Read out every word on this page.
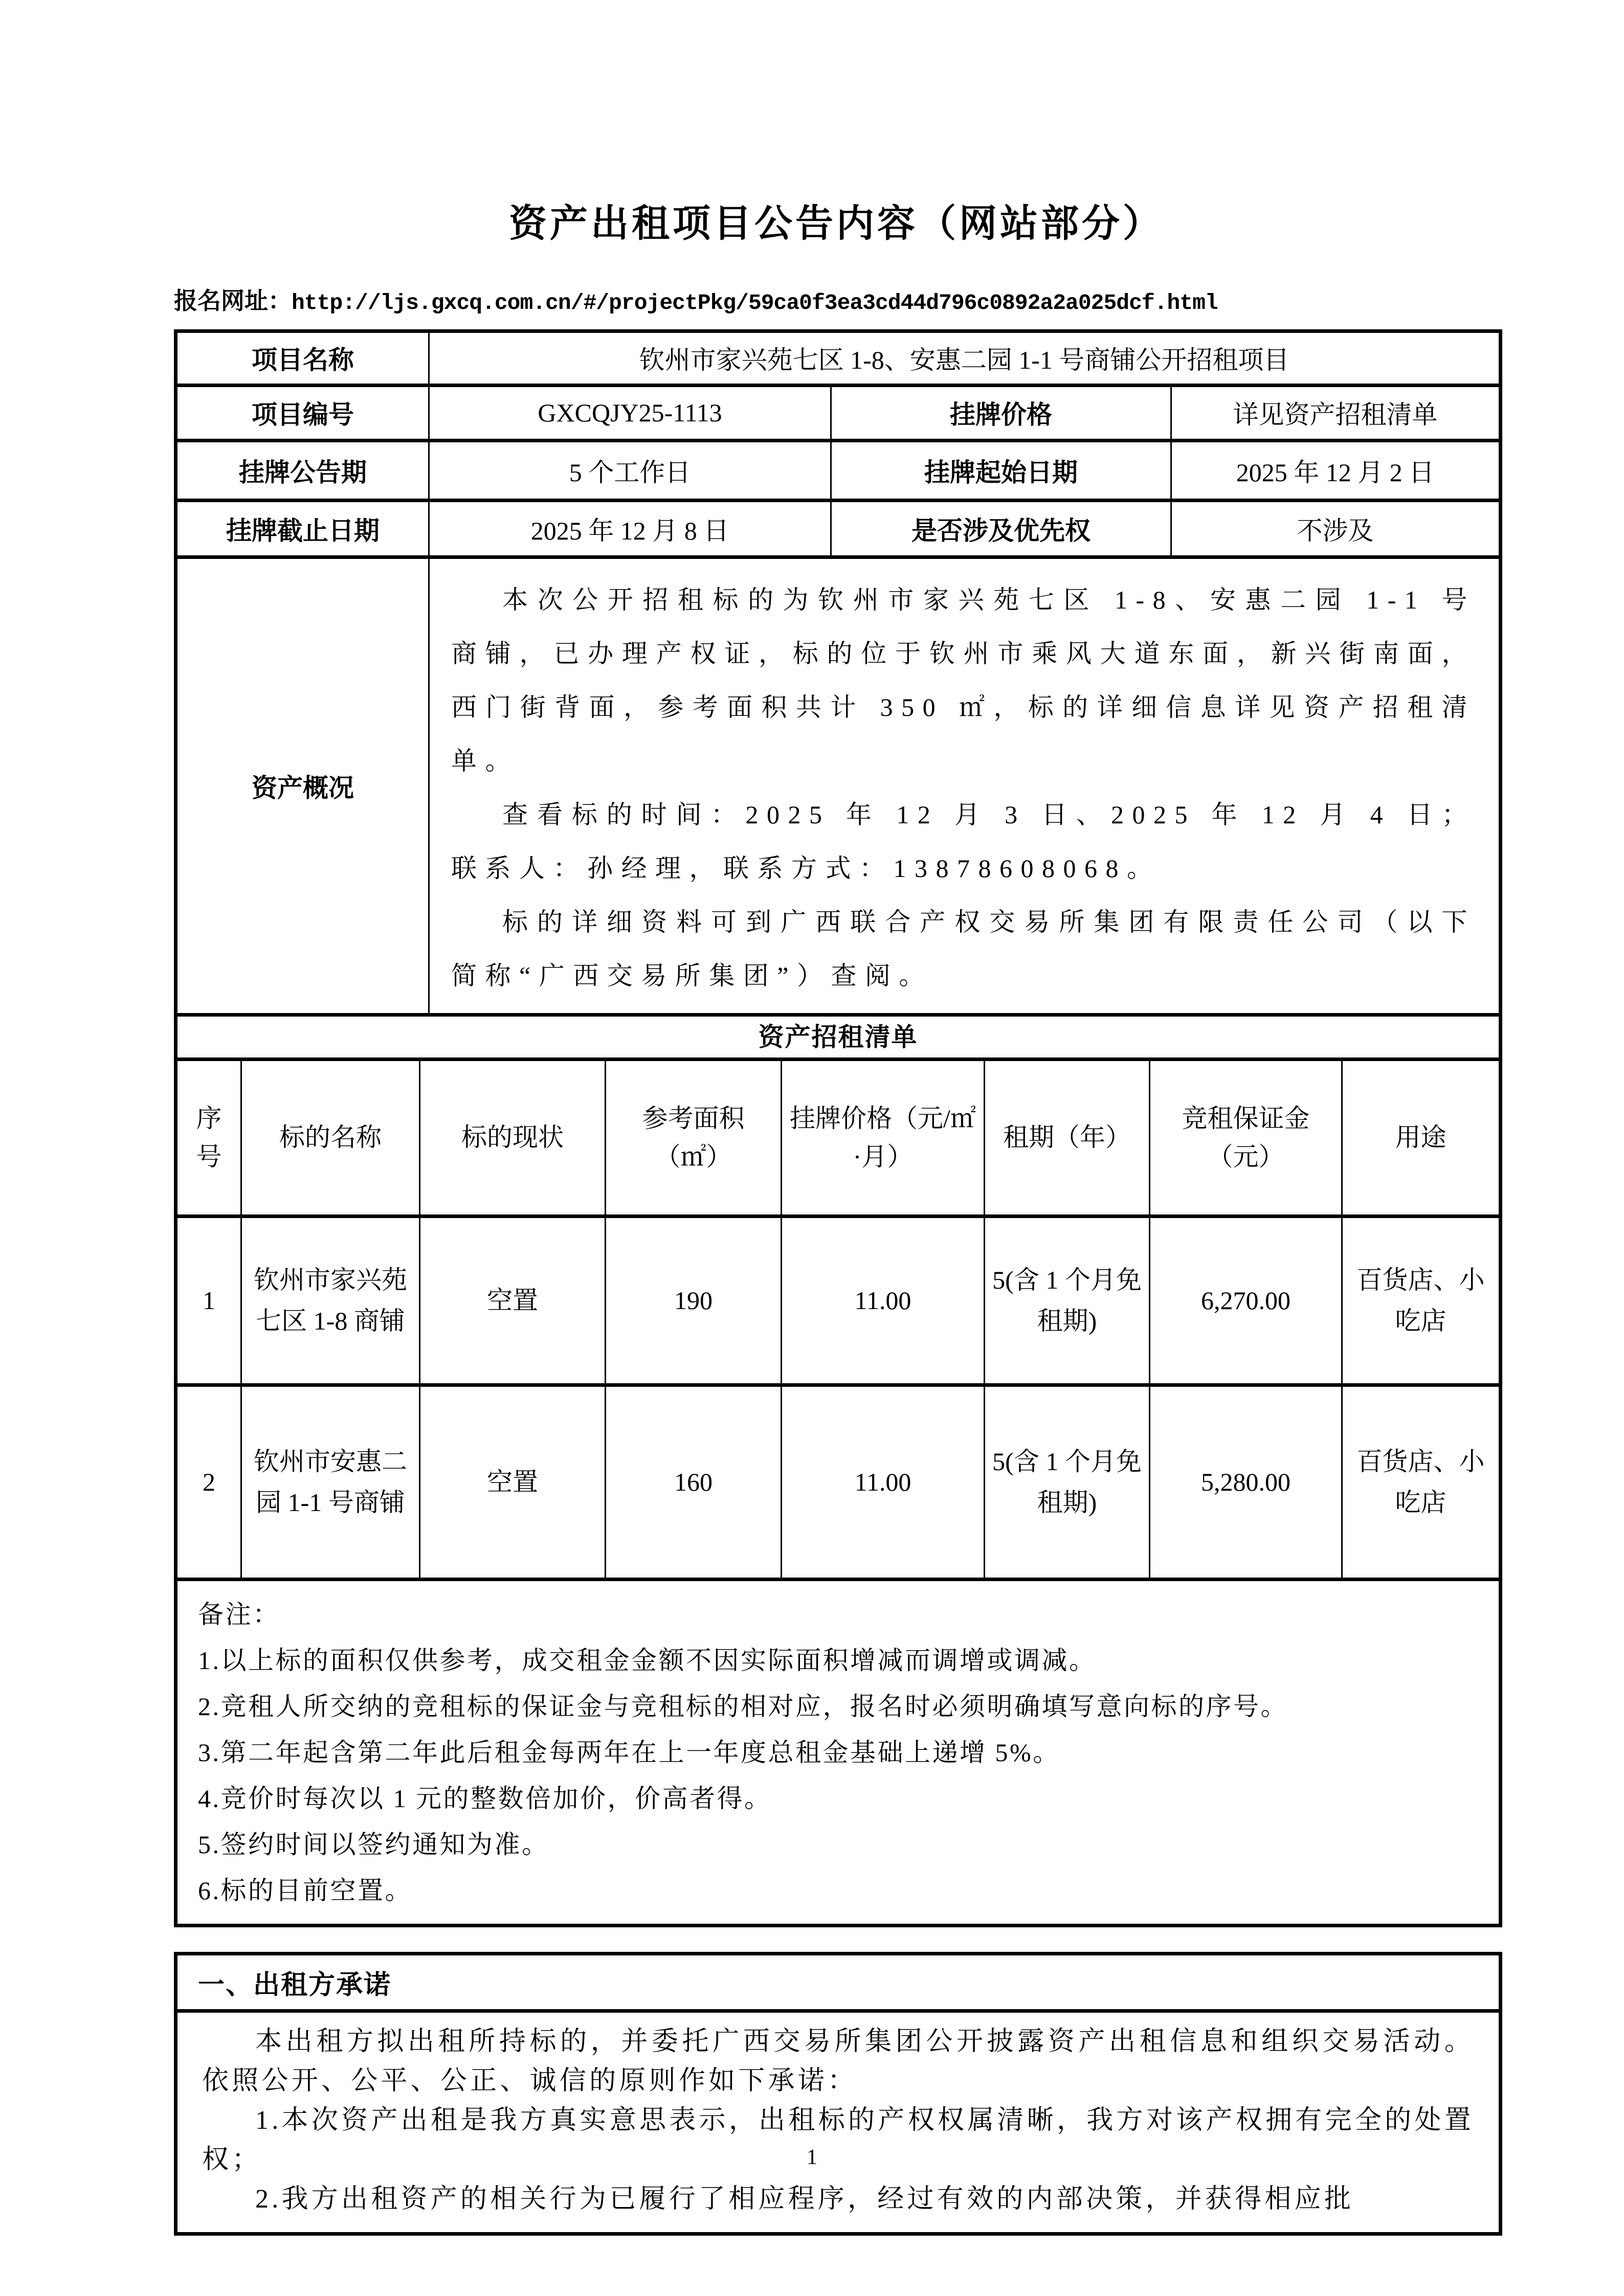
资产出租项目公告内容（网站部分）
报名网址：http://ljs.gxcq.com.cn/#/projectPkg/59ca0f3ea3cd44d796c0892a2a025dcf.html
项目名称	钦州市家兴苑七区 1-8、安惠二园 1-1 号商铺公开招租项目		
项目编号	GXCQJY25-1113	挂牌价格	详见资产招租清单
挂牌公告期	5 个工作日	挂牌起始日期	2025 年 12 月 2 日
挂牌截止日期	2025 年 12 月 8 日	是否涉及优先权	不涉及
资产概况	本次公开招租标的为钦州市家兴苑七区 1-8、安惠二园 1-1 号商铺，已办理产权证，标的位于钦州市乘风大道东面，新兴街南面，西门街背面，参考面积共计 350 ㎡，标的详细信息详见资产招租清单。

查看标的时间：2025 年 12 月 3 日、2025 年 12 月 4 日；联系人：孙经理，联系方式：13878608068。

标的详细资料可到广西联合产权交易所集团有限责任公司（以下简称“广西交易所集团”）查阅。		

资产招租清单							
序号	标的名称	标的现状	参考面积（㎡）	挂牌价格（元/㎡·月）	租期（年）	竞租保证金（元）	用途
1	钦州市家兴苑七区 1-8 商铺	空置	190	11.00	5(含 1 个月免租期)	6,270.00	百货店、小吃店
2	钦州市安惠二园 1-1 号商铺	空置	160	11.00	5(含 1 个月免租期)	5,280.00	百货店、小吃店

备注：

1.以上标的面积仅供参考，成交租金金额不因实际面积增减而调增或调减。

2.竞租人所交纳的竞租标的保证金与竞租标的相对应，报名时必须明确填写意向标的序号。

3.第二年起含第二年此后租金每两年在上一年度总租金基础上递增 5%。

4.竞价时每次以 1 元的整数倍加价，价高者得。

5.签约时间以签约通知为准。

6.标的目前空置。

一、出租方承诺

本出租方拟出租所持标的，并委托广西交易所集团公开披露资产出租信息和组织交易活动。依照公开、公平、公正、诚信的原则作如下承诺：

1.本次资产出租是我方真实意思表示，出租标的产权权属清晰，我方对该产权拥有完全的处置权；

2.我方出租资产的相关行为已履行了相应程序，经过有效的内部决策，并获得相应批

1
